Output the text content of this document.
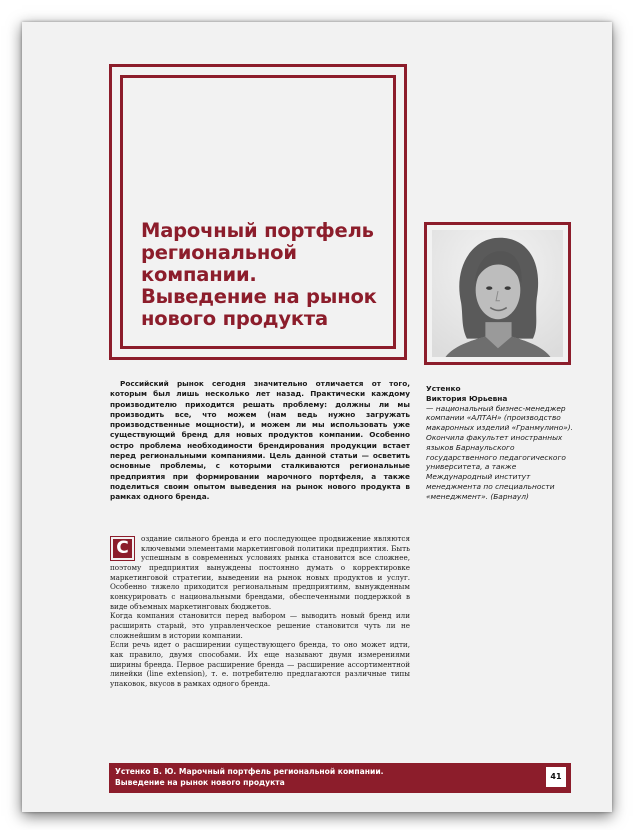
Марочный портфель
региональной
компании.
Выведение на рынок
нового продукта

Российский рынок сегодня значительно отличается от того, которым был лишь несколько лет назад. Практически каждому производителю приходится решать проблему: должны ли мы производить все, что можем (нам ведь нужно загружать производственные мощности), и можем ли мы использовать уже существующий бренд для новых продуктов компании. Особенно остро проблема необходимости брендирования продукции встает перед региональными компаниями. Цель данной статьи — осветить основные проблемы, с которыми сталкиваются региональные предприятия при формировании марочного портфеля, а также поделиться своим опытом выведения на рынок нового продукта в рамках одного бренда.

Устенко
Виктория Юрьевна

— национальный бизнес-менеджер компании «АЛТАН» (производство макаронных изделий «Гранмулино»). Окончила факультет иностранных языков Барнаульского государственного педагогического университета, а также Международный институт менеджмента по специальности «менеджмент». (Барнаул)

С	оздание сильного бренда и его последующее продвижение являются ключевыми элементами маркетинговой политики предприятия. Быть успешным в современных условиях рынка становится все сложнее, поэтому предприятия вынуждены постоянно думать о корректировке маркетинговой стратегии, выведении на рынок новых продуктов и услуг. Особенно тяжело приходится региональным предприятиям, вынужденным конкурировать с национальными брендами, обеспеченными поддержкой в виде объемных маркетинговых бюджетов.

Когда компания становится перед выбором — выводить новый бренд или расширять старый, это управленческое решение становится чуть ли не сложнейшим в истории компании.

Если речь идет о расширении существующего бренда, то оно может идти, как правило, двумя способами. Их еще называют двумя измерениями ширины бренда. Первое расширение бренда — расширение ассортиментной линейки (line extension), т. е. потребителю предлагаются различные типы упаковок, вкусов в рамках одного бренда.

Устенко В. Ю. Марочный портфель региональной компании.
Выведение на рынок нового продукта

41
